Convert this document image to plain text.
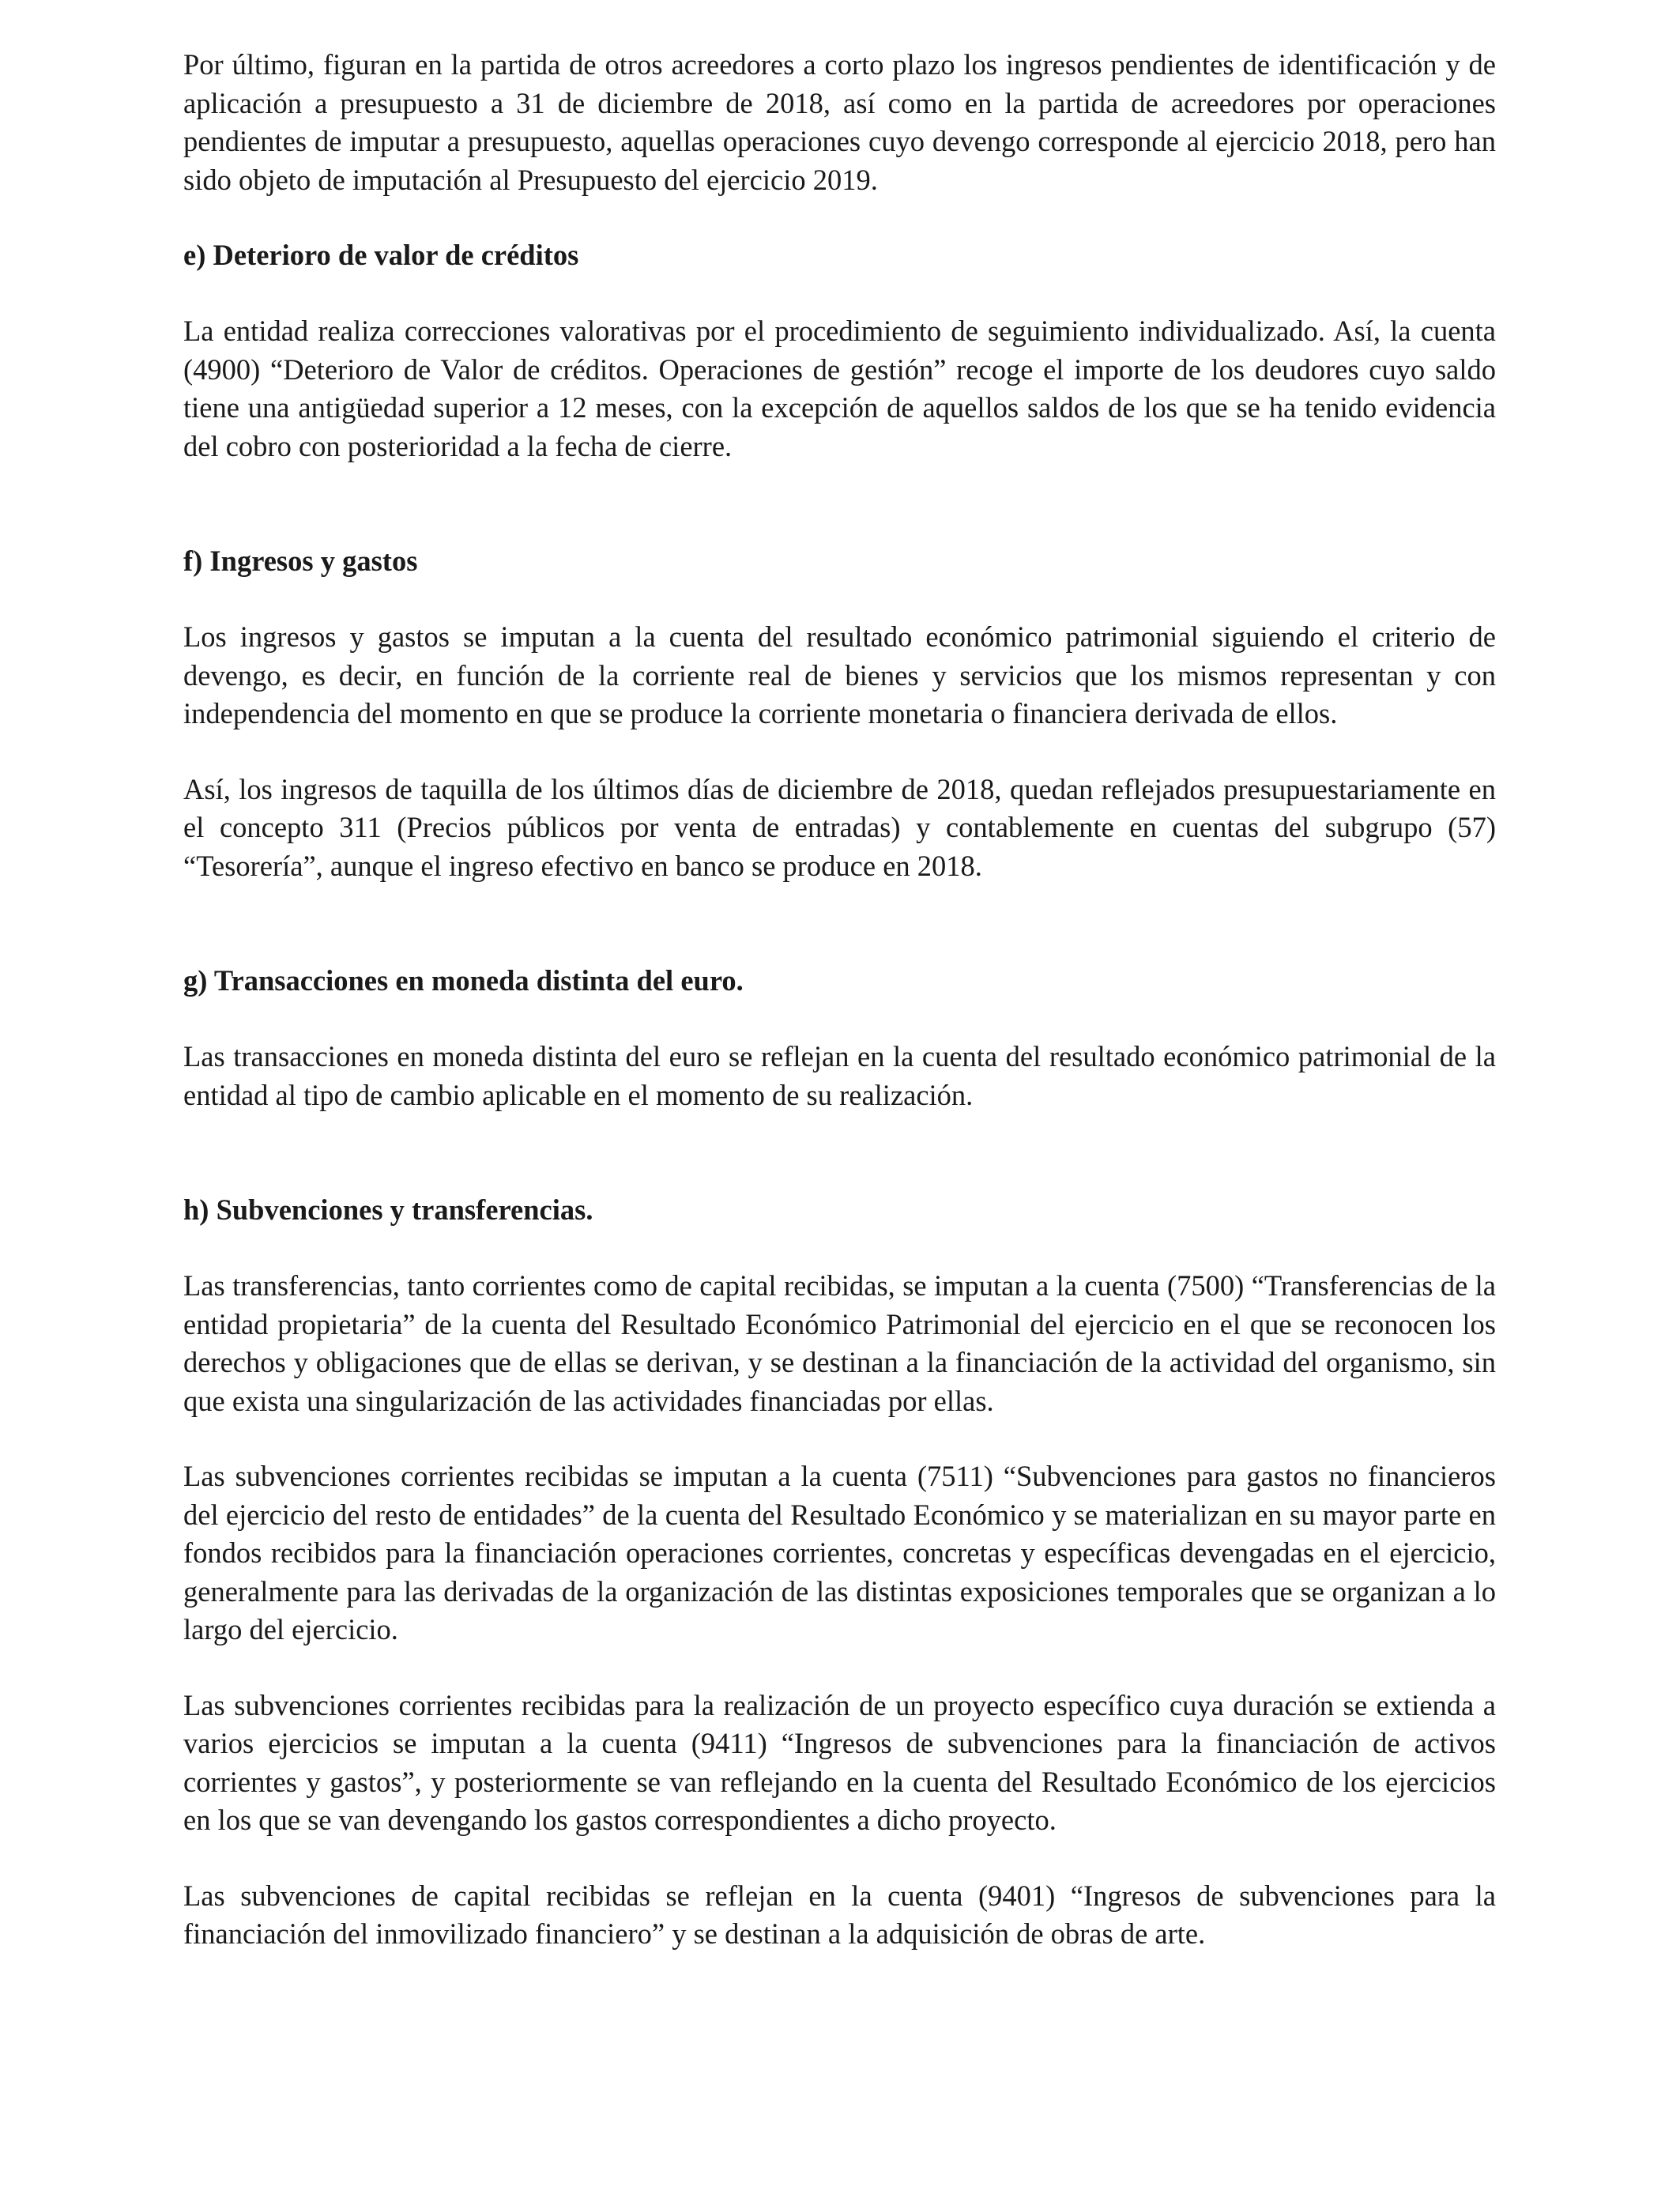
Por último, figuran en la partida de otros acreedores a corto plazo los ingresos pendientes de identificación y de aplicación a presupuesto a 31 de diciembre de 2018, así como en la partida de acreedores por operaciones pendientes de imputar a presupuesto, aquellas operaciones cuyo devengo corresponde al ejercicio 2018, pero han sido objeto de imputación al Presupuesto del ejercicio 2019.

e) Deterioro de valor de créditos

La entidad realiza correcciones valorativas por el procedimiento de seguimiento individualizado. Así, la cuenta (4900) “Deterioro de Valor de créditos. Operaciones de gestión” recoge el importe de los deudores cuyo saldo tiene una antigüedad superior a 12 meses, con la excepción de aquellos saldos de los que se ha tenido evidencia del cobro con posterioridad a la fecha de cierre.

f) Ingresos y gastos

Los ingresos y gastos se imputan a la cuenta del resultado económico patrimonial siguiendo el criterio de devengo, es decir, en función de la corriente real de bienes y servicios que los mismos representan y con independencia del momento en que se produce la corriente monetaria o financiera derivada de ellos.

Así, los ingresos de taquilla de los últimos días de diciembre de 2018, quedan reflejados presupuestariamente en el concepto 311 (Precios públicos por venta de entradas) y contablemente en cuentas del subgrupo (57) “Tesorería”, aunque el ingreso efectivo en banco se produce en 2018.

g) Transacciones en moneda distinta del euro.

Las transacciones en moneda distinta del euro se reflejan en la cuenta del resultado económico patrimonial de la entidad al tipo de cambio aplicable en el momento de su realización.

h) Subvenciones y transferencias.

Las transferencias, tanto corrientes como de capital recibidas, se imputan a la cuenta (7500) “Transferencias de la entidad propietaria” de la cuenta del Resultado Económico Patrimonial del ejercicio en el que se reconocen los derechos y obligaciones que de ellas se derivan, y se destinan a la financiación de la actividad del organismo, sin que exista una singularización de las actividades financiadas por ellas.

Las subvenciones corrientes recibidas se imputan a la cuenta (7511) “Subvenciones para gastos no financieros del ejercicio del resto de entidades” de la cuenta del Resultado Económico y se materializan en su mayor parte en fondos recibidos para la financiación operaciones corrientes, concretas y específicas devengadas en el ejercicio, generalmente para las derivadas de la organización de las distintas exposiciones temporales que se organizan a lo largo del ejercicio.

Las subvenciones corrientes recibidas para la realización de un proyecto específico cuya duración se extienda a varios ejercicios se imputan a la cuenta (9411) “Ingresos de subvenciones para la financiación de activos corrientes y gastos”, y posteriormente se van reflejando en la cuenta del Resultado Económico de los ejercicios en los que se van devengando los gastos correspondientes a dicho proyecto.

Las subvenciones de capital recibidas se reflejan en la cuenta (9401) “Ingresos de subvenciones para la financiación del inmovilizado financiero” y se destinan a la adquisición de obras de arte.
